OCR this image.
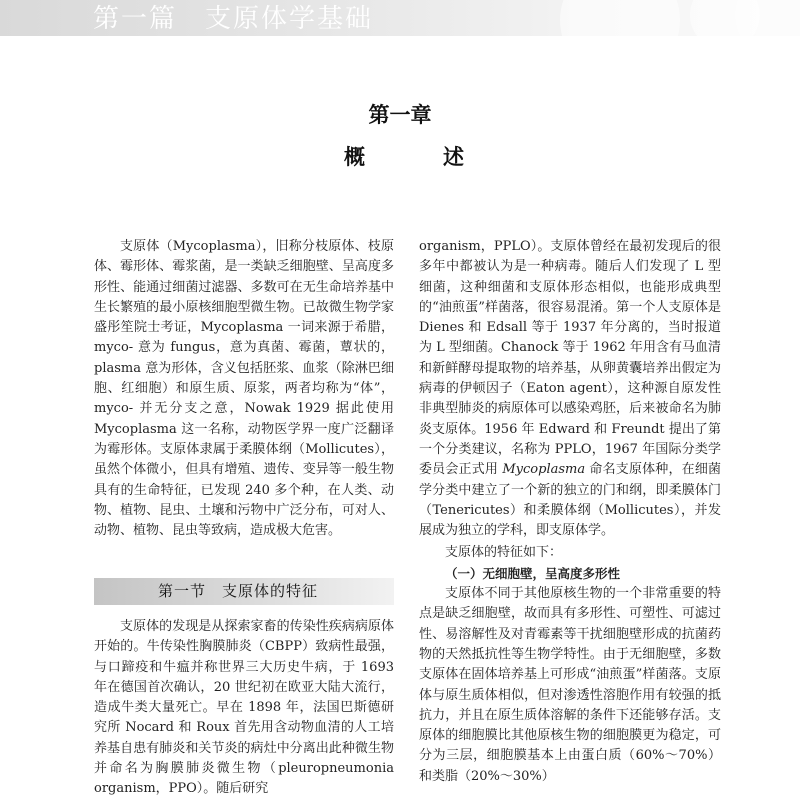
第一篇　支原体学基础
第一章
概	述

支原体（Mycoplasma），旧称分枝原体、枝原体、霉形体、霉浆菌，是一类缺乏细胞壁、呈高度多形性、能通过细菌过滤器、多数可在无生命培养基中生长繁殖的最小原核细胞型微生物。已故微生物学家盛彤笙院士考证，Mycoplasma 一词来源于希腊，myco- 意为 fungus，意为真菌、霉菌，蕈状的，plasma 意为形体，含义包括胚浆、血浆（除淋巴细胞、红细胞）和原生质、原浆，两者均称为“体”，myco- 并无分支之意，Nowak 1929 据此使用 Mycoplasma 这一名称，动物医学界一度广泛翻译为霉形体。支原体隶属于柔膜体纲（Mollicutes），虽然个体微小，但具有增殖、遗传、变异等一般生物具有的生命特征，已发现 240 多个种，在人类、动物、植物、昆虫、土壤和污物中广泛分布，可对人、动物、植物、昆虫等致病，造成极大危害。

第一节　支原体的特征

支原体的发现是从探索家畜的传染性疾病病原体开始的。牛传染性胸膜肺炎（CBPP）致病性最强，与口蹄疫和牛瘟并称世界三大历史牛病，于 1693 年在德国首次确认，20 世纪初在欧亚大陆大流行，造成牛类大量死亡。早在 1898 年，法国巴斯德研究所 Nocard 和 Roux 首先用含动物血清的人工培养基自患有肺炎和关节炎的病灶中分离出此种微生物并命名为胸膜肺炎微生物（pleuropneumonia organism，PPO）。随后研究

organism，PPLO）。支原体曾经在最初发现后的很多年中都被认为是一种病毒。随后人们发现了 L 型细菌，这种细菌和支原体形态相似，也能形成典型的“油煎蛋”样菌落，很容易混淆。第一个人支原体是 Dienes 和 Edsall 等于 1937 年分离的，当时报道为 L 型细菌。Chanock 等于 1962 年用含有马血清和新鲜酵母提取物的培养基，从卵黄囊培养出假定为病毒的伊顿因子（Eaton agent），这种源自原发性非典型肺炎的病原体可以感染鸡胚，后来被命名为肺炎支原体。1956 年 Edward 和 Freundt 提出了第一个分类建议，名称为 PPLO，1967 年国际分类学委员会正式用 Mycoplasma 命名支原体种，在细菌学分类中建立了一个新的独立的门和纲，即柔膜体门（Tenericutes）和柔膜体纲（Mollicutes），并发展成为独立的学科，即支原体学。

支原体的特征如下：

（一）无细胞壁，呈高度多形性

支原体不同于其他原核生物的一个非常重要的特点是缺乏细胞壁，故而具有多形性、可塑性、可滤过性、易溶解性及对青霉素等干扰细胞壁形成的抗菌药物的天然抵抗性等生物学特性。由于无细胞壁，多数支原体在固体培养基上可形成“油煎蛋”样菌落。支原体与原生质体相似，但对渗透性溶胞作用有较强的抵抗力，并且在原生质体溶解的条件下还能够存活。支原体的细胞膜比其他原核生物的细胞膜更为稳定，可分为三层，细胞膜基本上由蛋白质（60%～70%）和类脂（20%～30%）
